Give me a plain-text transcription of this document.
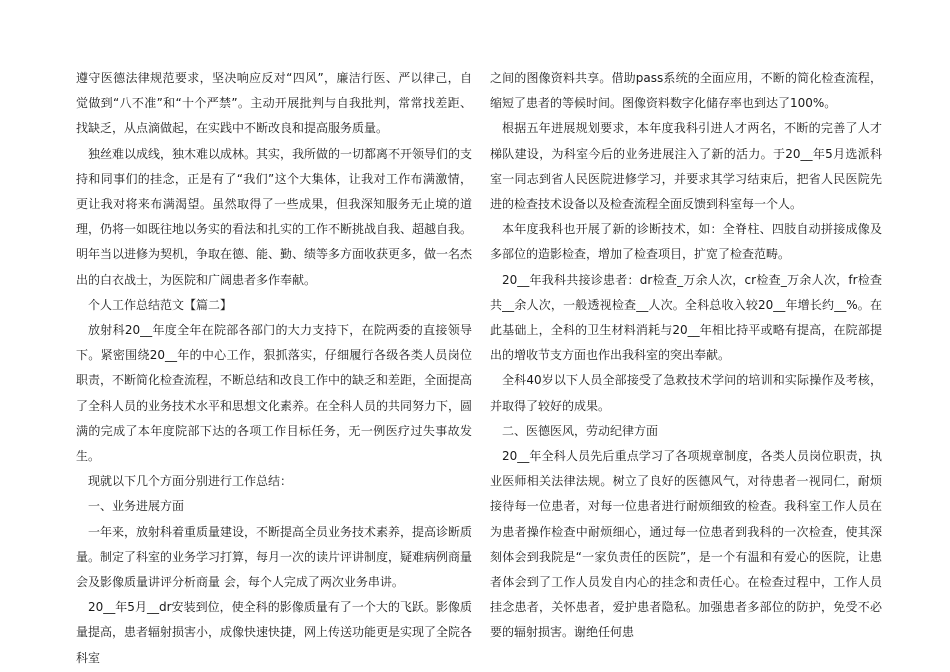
遵守医德法律规范要求，坚决响应反对“四风”，廉洁行医、严以律己，自觉做到“八不准”和“十个严禁”。主动开展批判与自我批判，常常找差距、找缺乏，从点滴做起，在实践中不断改良和提高服务质量。

独丝难以成线，独木难以成林。其实，我所做的一切都离不开领导们的支持和同事们的挂念，正是有了“我们”这个大集体，让我对工作布满激情，更让我对将来布满渴望。虽然取得了一些成果，但我深知服务无止境的道理，仍将一如既往地以务实的看法和扎实的工作不断挑战自我、超越自我。明年当以进修为契机，争取在德、能、勤、绩等多方面收获更多，做一名杰出的白衣战士，为医院和广阔患者多作奉献。

个人工作总结范文【篇二】

放射科20__年度全年在院部各部门的大力支持下，在院两委的直接领导下。紧密围绕20__年的中心工作，狠抓落实，仔细履行各级各类人员岗位职责，不断简化检查流程，不断总结和改良工作中的缺乏和差距，全面提高了全科人员的业务技术水平和思想文化素养。在全科人员的共同努力下，圆满的完成了本年度院部下达的各项工作目标任务，无一例医疗过失事故发生。

现就以下几个方面分别进行工作总结：

一、业务进展方面

一年来，放射科着重质量建设，不断提高全员业务技术素养，提高诊断质量。制定了科室的业务学习打算，每月一次的读片评讲制度，疑难病例商量 会及影像质量讲评分析商量 会，每个人完成了两次业务串讲。

20__年5月__dr安装到位，使全科的影像质量有了一个大的飞跃。影像质量提高，患者辐射损害小，成像快速快捷，网上传送功能更是实现了全院各科室

之间的图像资料共享。借助pass系统的全面应用，不断的简化检查流程，缩短了患者的等候时间。图像资料数字化储存率也到达了100%。

根据五年进展规划要求，本年度我科引进人才两名，不断的完善了人才梯队建设，为科室今后的业务进展注入了新的活力。于20__年5月选派科室一同志到省人民医院进修学习，并要求其学习结束后，把省人民医院先进的检查技术设备以及检查流程全面反馈到科室每一个人。

本年度我科也开展了新的诊断技术，如：全脊柱、四肢自动拼接成像及多部位的造影检查，增加了检查项目，扩宽了检查范畴。

20__年我科共接诊患者：dr检查_万余人次，cr检查_万余人次，fr检查共__余人次，一般透视检查__人次。全科总收入较20__年增长约__%。在此基础上，全科的卫生材料消耗与20__年相比持平或略有提高，在院部提出的增收节支方面也作出我科室的突出奉献。

全科40岁以下人员全部接受了急救技术学问的培训和实际操作及考核，并取得了较好的成果。

二、医德医风，劳动纪律方面

20__年全科人员先后重点学习了各项规章制度，各类人员岗位职责，执业医师相关法律法规。树立了良好的医德风气，对待患者一视同仁，耐烦接待每一位患者，对每一位患者进行耐烦细致的检查。我科室工作人员在为患者操作检查中耐烦细心，通过每一位患者到我科的一次检查，使其深刻体会到我院是“一家负责任的医院”，是一个有温和有爱心的医院，让患者体会到了工作人员发自内心的挂念和责任心。在检查过程中，工作人员挂念患者，关怀患者，爱护患者隐私。加强患者多部位的防护，免受不必要的辐射损害。谢绝任何患
